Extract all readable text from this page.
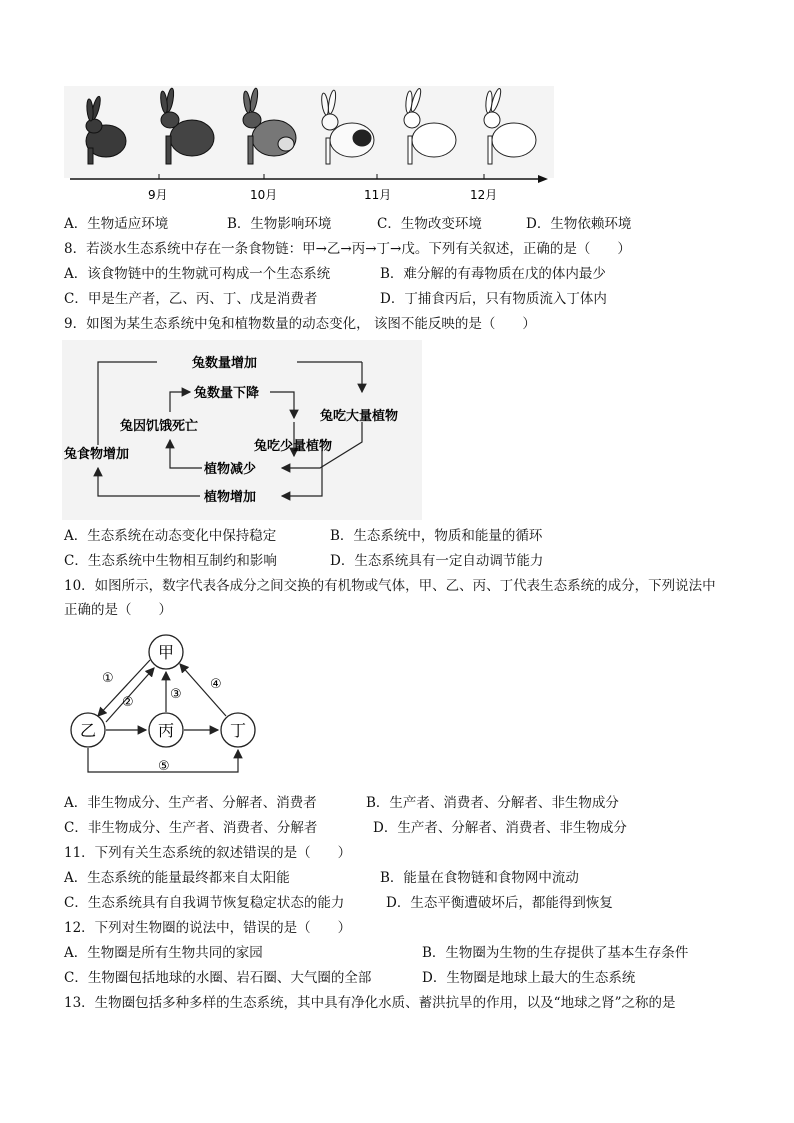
9月	10月	11月	12月
A．生物适应环境	B．生物影响环境	C．生物改变环境	D．生物依赖环境
8．若淡水生态系统中存在一条食物链：甲→乙→丙→丁→戊。下列有关叙述，正确的是（　　）
A．该食物链中的生物就可构成一个生态系统	B．难分解的有毒物质在戊的体内最少
C．甲是生产者，乙、丙、丁、戊是消费者	D．丁捕食丙后，只有物质流入丁体内
9．如图为某生态系统中兔和植物数量的动态变化， 该图不能反映的是（　　）
兔数量增加
兔数量下降
兔因饥饿死亡
兔吃大量植物
兔吃少量植物
兔食物增加
植物减少
植物增加
A．生态系统在动态变化中保持稳定	B．生态系统中，物质和能量的循环
C．生态系统中生物相互制约和影响	D．生态系统具有一定自动调节能力
10．如图所示，数字代表各成分之间交换的有机物或气体，甲、乙、丙、丁代表生态系统的成分，下列说法中
正确的是（　　）
甲
乙	丙	丁
①
②
③
④
⑤
A．非生物成分、生产者、分解者、消费者	B．生产者、消费者、分解者、非生物成分
C．非生物成分、生产者、消费者、分解者	D．生产者、分解者、消费者、非生物成分
11．下列有关生态系统的叙述错误的是（　　）
A．生态系统的能量最终都来自太阳能	B．能量在食物链和食物网中流动
C．生态系统具有自我调节恢复稳定状态的能力	D．生态平衡遭破坏后，都能得到恢复
12．下列对生物圈的说法中，错误的是（　　）
A．生物圈是所有生物共同的家园	B．生物圈为生物的生存提供了基本生存条件
C．生物圈包括地球的水圈、岩石圈、大气圈的全部	D．生物圈是地球上最大的生态系统
13．生物圈包括多种多样的生态系统，其中具有净化水质、蓄洪抗旱的作用，以及“地球之肾”之称的是
